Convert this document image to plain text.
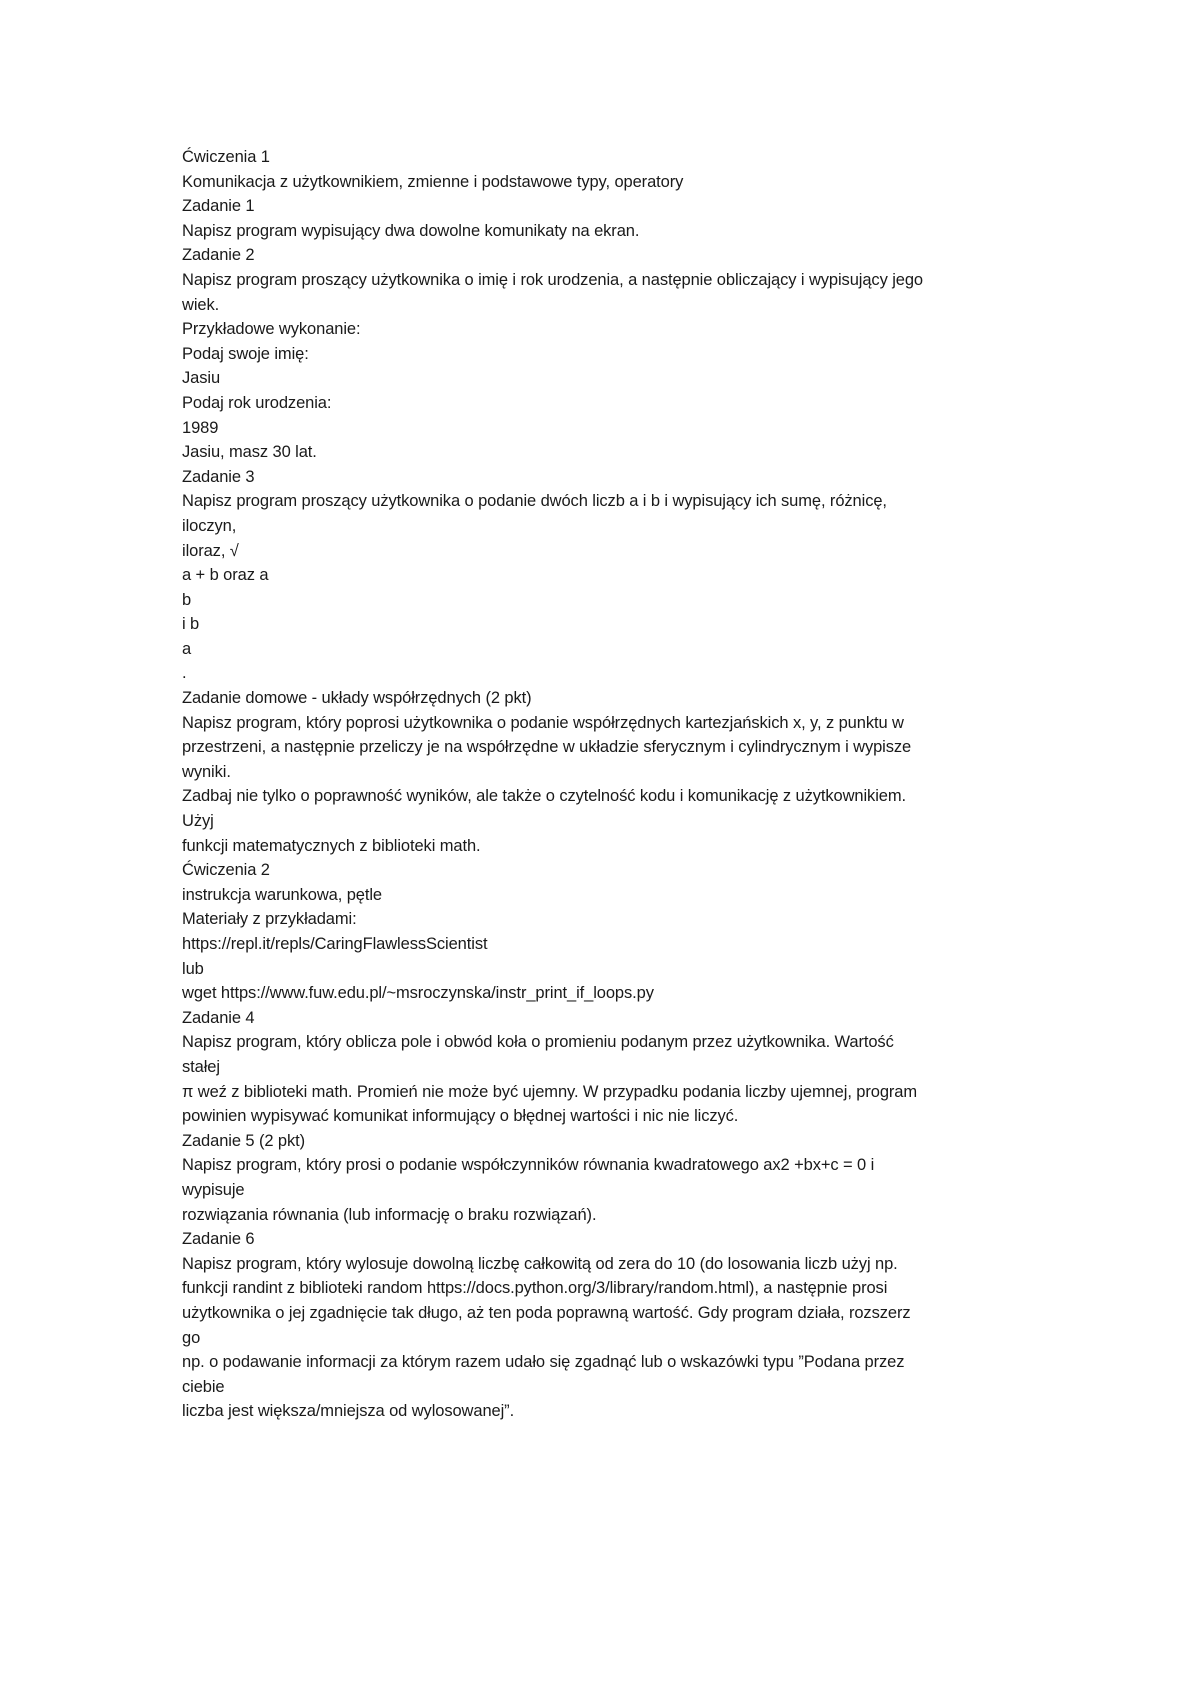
Ćwiczenia 1
Komunikacja z użytkownikiem, zmienne i podstawowe typy, operatory
Zadanie 1
Napisz program wypisujący dwa dowolne komunikaty na ekran.
Zadanie 2
Napisz program proszący użytkownika o imię i rok urodzenia, a następnie obliczający i wypisujący jego
wiek.
Przykładowe wykonanie:
Podaj swoje imię:
Jasiu
Podaj rok urodzenia:
1989
Jasiu, masz 30 lat.
Zadanie 3
Napisz program proszący użytkownika o podanie dwóch liczb a i b i wypisujący ich sumę, różnicę,
iloczyn,
iloraz, √
a + b oraz a
b
i b
a
.
Zadanie domowe - układy współrzędnych (2 pkt)
Napisz program, który poprosi użytkownika o podanie współrzędnych kartezjańskich x, y, z punktu w
przestrzeni, a następnie przeliczy je na współrzędne w układzie sferycznym i cylindrycznym i wypisze
wyniki.
Zadbaj nie tylko o poprawność wyników, ale także o czytelność kodu i komunikację z użytkownikiem.
Użyj
funkcji matematycznych z biblioteki math.
Ćwiczenia 2
instrukcja warunkowa, pętle
Materiały z przykładami:
https://repl.it/repls/CaringFlawlessScientist
lub
wget https://www.fuw.edu.pl/~msroczynska/instr_print_if_loops.py
Zadanie 4
Napisz program, który oblicza pole i obwód koła o promieniu podanym przez użytkownika. Wartość
stałej
π weź z biblioteki math. Promień nie może być ujemny. W przypadku podania liczby ujemnej, program
powinien wypisywać komunikat informujący o błędnej wartości i nic nie liczyć.
Zadanie 5 (2 pkt)
Napisz program, który prosi o podanie współczynników równania kwadratowego ax2 +bx+c = 0 i
wypisuje
rozwiązania równania (lub informację o braku rozwiązań).
Zadanie 6
Napisz program, który wylosuje dowolną liczbę całkowitą od zera do 10 (do losowania liczb użyj np.
funkcji randint z biblioteki random https://docs.python.org/3/library/random.html), a następnie prosi
użytkownika o jej zgadnięcie tak długo, aż ten poda poprawną wartość. Gdy program działa, rozszerz
go
np. o podawanie informacji za którym razem udało się zgadnąć lub o wskazówki typu ”Podana przez
ciebie
liczba jest większa/mniejsza od wylosowanej”.
